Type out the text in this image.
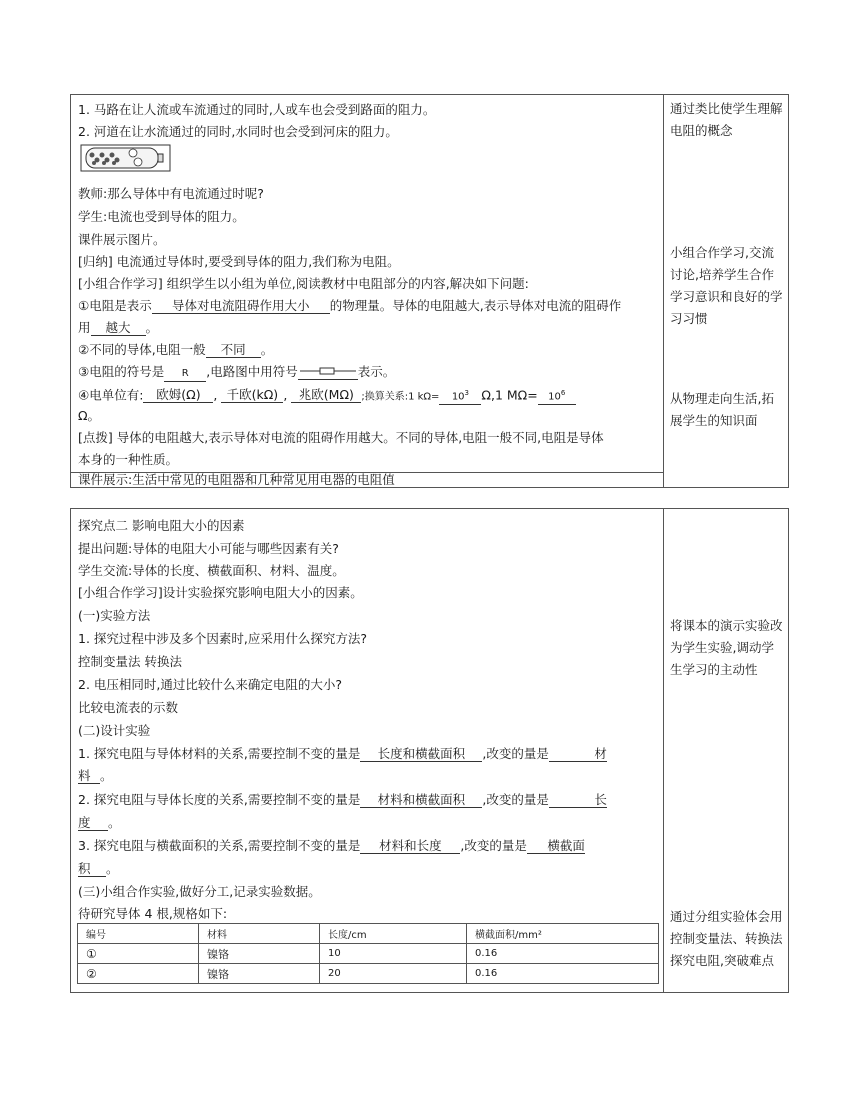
1. 马路在让人流或车流通过的同时,人或车也会受到路面的阻力。
2. 河道在让水流通过的同时,水同时也会受到河床的阻力。
教师:那么导体中有电流通过时呢?
学生:电流也受到导体的阻力。
课件展示图片。
[归纳] 电流通过导体时,要受到导体的阻力,我们称为电阻。
[小组合作学习] 组织学生以小组为单位,阅读教材中电阻部分的内容,解决如下问题:
①电阻是表示 导体对电流阻碍作用大小 的物理量。导体的电阻越大,表示导体对电流的阻碍作
用 越大 。
②不同的导体,电阻一般 不同 。
③电阻的符号是 R ,电路图中用符号	表示。
④电单位有: 欧姆(Ω) , 千欧(kΩ) , 兆欧(MΩ) ;换算关系:1 $k\Omega= 10^3$ Ω,1 $M\Omega= 10^6$
Ω。
[点拨] 导体的电阻越大,表示导体对电流的阻碍作用越大。不同的导体,电阻一般不同,电阻是导体
本身的一种性质。
课件展示:生活中常见的电阻器和几种常见用电器的电阻值
通过类比使学生理解电阻的概念
小组合作学习,交流讨论,培养学生合作学习意识和良好的学习习惯
从物理走向生活,拓展学生的知识面
探究点二 影响电阻大小的因素
提出问题:导体的电阻大小可能与哪些因素有关?
学生交流:导体的长度、横截面积、材料、温度。
[小组合作学习]设计实验探究影响电阻大小的因素。
(一)实验方法
1. 探究过程中涉及多个因素时,应采用什么探究方法?
控制变量法 转换法
2. 电压相同时,通过比较什么来确定电阻的大小?
比较电流表的示数
(二)设计实验
1. 探究电阻与导体材料的关系,需要控制不变的量是 长度和横截面积 ,改变的量是	材
料 。
2. 探究电阻与导体长度的关系,需要控制不变的量是 材料和横截面积 ,改变的量是	长
度 。
3. 探究电阻与横截面积的关系,需要控制不变的量是 材料和长度 ,改变的量是 横截面
积 。
(三)小组合作实验,做好分工,记录实验数据。
待研究导体 4 根,规格如下:
编号	材料	长度/cm	横截面积/mm²
①	镍铬	10	0.16
②	镍铬	20	0.16
将课本的演示实验改为学生实验,调动学生学习的主动性
通过分组实验体会用控制变量法、转换法探究电阻,突破难点
